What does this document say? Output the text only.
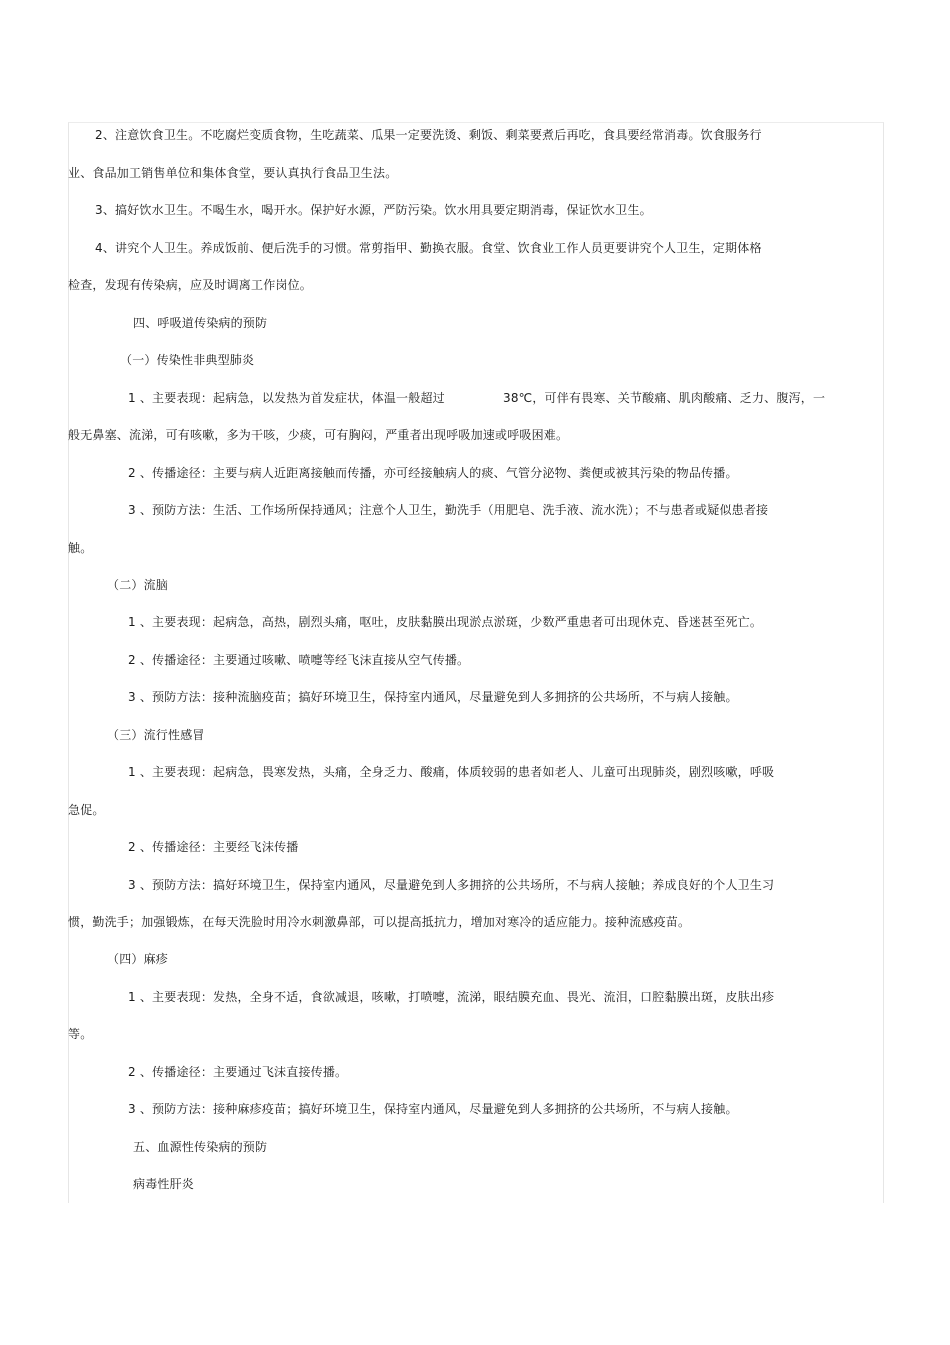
2、注意饮食卫生。不吃腐烂变质食物，生吃蔬菜、瓜果一定要洗烫、剩饭、剩菜要煮后再吃，食具要经常消毒。饮食服务行
业、食品加工销售单位和集体食堂，要认真执行食品卫生法。
3、搞好饮水卫生。不喝生水，喝开水。保护好水源，严防污染。饮水用具要定期消毒，保证饮水卫生。
4、讲究个人卫生。养成饭前、便后洗手的习惯。常剪指甲、勤换衣服。食堂、饮食业工作人员更要讲究个人卫生，定期体格
检查，发现有传染病，应及时调离工作岗位。
四、呼吸道传染病的预防
（一）传染性非典型肺炎
1 、主要表现：起病急，以发热为首发症状，体温一般超过	38℃，可伴有畏寒、关节酸痛、肌肉酸痛、乏力、腹泻，一
般无鼻塞、流涕，可有咳嗽，多为干咳，少痰，可有胸闷，严重者出现呼吸加速或呼吸困难。
2 、传播途径：主要与病人近距离接触而传播，亦可经接触病人的痰、气管分泌物、粪便或被其污染的物品传播。
3 、预防方法：生活、工作场所保持通风；注意个人卫生，勤洗手（用肥皂、洗手液、流水洗）；不与患者或疑似患者接
触。
（二）流脑
1 、主要表现：起病急，高热，剧烈头痛，呕吐，皮肤黏膜出现淤点淤斑，少数严重患者可出现休克、昏迷甚至死亡。
2 、传播途径：主要通过咳嗽、喷嚏等经飞沫直接从空气传播。
3 、预防方法：接种流脑疫苗；搞好环境卫生，保持室内通风，尽量避免到人多拥挤的公共场所，不与病人接触。
（三）流行性感冒
1 、主要表现：起病急，畏寒发热，头痛，全身乏力、酸痛，体质较弱的患者如老人、儿童可出现肺炎，剧烈咳嗽，呼吸
急促。
2 、传播途径：主要经飞沫传播
3 、预防方法：搞好环境卫生，保持室内通风，尽量避免到人多拥挤的公共场所，不与病人接触；养成良好的个人卫生习
惯，勤洗手；加强锻炼，在每天洗脸时用冷水刺激鼻部，可以提高抵抗力，增加对寒冷的适应能力。接种流感疫苗。
（四）麻疹
1 、主要表现：发热，全身不适，食欲减退，咳嗽，打喷嚏，流涕，眼结膜充血、畏光、流泪，口腔黏膜出斑，皮肤出疹
等。
2 、传播途径：主要通过飞沫直接传播。
3 、预防方法：接种麻疹疫苗；搞好环境卫生，保持室内通风，尽量避免到人多拥挤的公共场所，不与病人接触。
五、血源性传染病的预防
病毒性肝炎
